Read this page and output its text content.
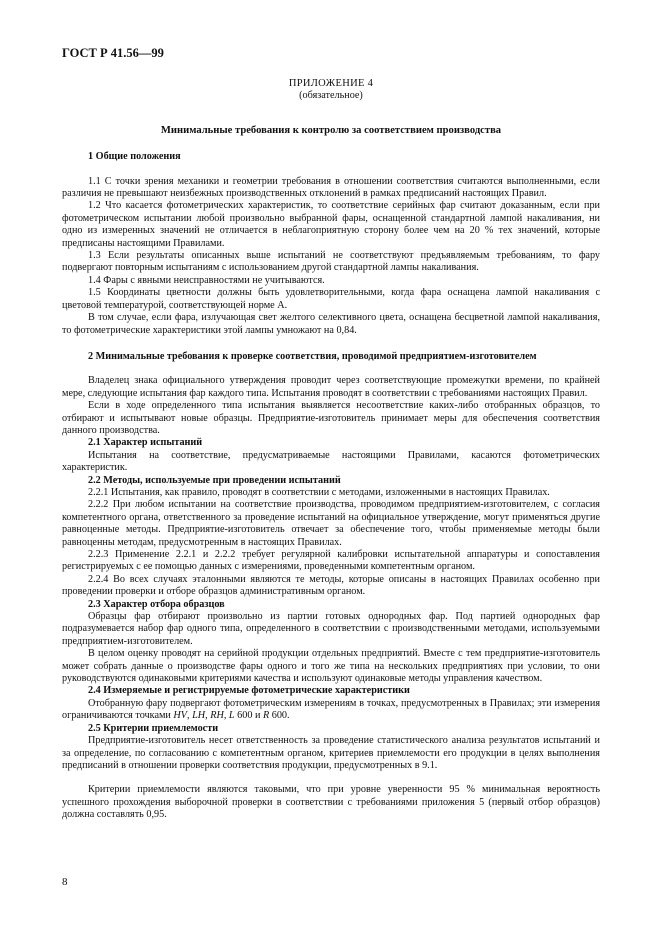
ГОСТ Р 41.56—99

ПРИЛОЖЕНИЕ 4

(обязательное)

Минимальные требования к контролю за соответствием производства

1 Общие положения

1.1 С точки зрения механики и геометрии требования в отношении соответствия считаются выполненными, если различия не превышают неизбежных производственных отклонений в рамках предписаний настоящих Правил.

1.2 Что касается фотометрических характеристик, то соответствие серийных фар считают доказанным, если при фотометрическом испытании любой произвольно выбранной фары, оснащенной стандартной лампой накаливания, ни одно из измеренных значений не отличается в неблагоприятную сторону более чем на 20 % тех значений, которые предписаны настоящими Правилами.

1.3 Если результаты описанных выше испытаний не соответствуют предъявляемым требованиям, то фару подвергают повторным испытаниям с использованием другой стандартной лампы накаливания.

1.4 Фары с явными неисправностями не учитываются.

1.5 Координаты цветности должны быть удовлетворительными, когда фара оснащена лампой накаливания с цветовой температурой, соответствующей норме А.

В том случае, если фара, излучающая свет желтого селективного цвета, оснащена бесцветной лампой накаливания, то фотометрические характеристики этой лампы умножают на 0,84.

2 Минимальные требования к проверке соответствия, проводимой предприятием-изготовителем

Владелец знака официального утверждения проводит через соответствующие промежутки времени, по крайней мере, следующие испытания фар каждого типа. Испытания проводят в соответствии с требованиями настоящих Правил.

Если в ходе определенного типа испытания выявляется несоответствие каких-либо отобранных образцов, то отбирают и испытывают новые образцы. Предприятие-изготовитель принимает меры для обеспечения соответствия данного производства.

2.1 Характер испытаний

Испытания на соответствие, предусматриваемые настоящими Правилами, касаются фотометрических характеристик.

2.2 Методы, используемые при проведении испытаний

2.2.1 Испытания, как правило, проводят в соответствии с методами, изложенными в настоящих Правилах.

2.2.2 При любом испытании на соответствие производства, проводимом предприятием-изготовителем, с согласия компетентного органа, ответственного за проведение испытаний на официальное утверждение, могут применяться другие равноценные методы. Предприятие-изготовитель отвечает за обеспечение того, чтобы применяемые методы были равноценны методам, предусмотренным в настоящих Правилах.

2.2.3 Применение 2.2.1 и 2.2.2 требует регулярной калибровки испытательной аппаратуры и сопоставления регистрируемых с ее помощью данных с измерениями, проведенными компетентным органом.

2.2.4 Во всех случаях эталонными являются те методы, которые описаны в настоящих Правилах особенно при проведении проверки и отборе образцов административным органом.

2.3 Характер отбора образцов

Образцы фар отбирают произвольно из партии готовых однородных фар. Под партией однородных фар подразумевается набор фар одного типа, определенного в соответствии с производственными методами, используемыми предприятием-изготовителем.

В целом оценку проводят на серийной продукции отдельных предприятий. Вместе с тем предприятие-изготовитель может собрать данные о производстве фары одного и того же типа на нескольких предприятиях при условии, то они руководствуются одинаковыми критериями качества и используют одинаковые методы управления качеством.

2.4 Измеряемые и регистрируемые фотометрические характеристики

Отобранную фару подвергают фотометрическим измерениям в точках, предусмотренных в Правилах; эти измерения ограничиваются точками HV, LH, RH, L 600 и R 600.

2.5 Критерии приемлемости

Предприятие-изготовитель несет ответственность за проведение статистического анализа результатов испытаний и за определение, по согласованию с компетентным органом, критериев приемлемости его продукции в целях выполнения предписаний в отношении проверки соответствия продукции, предусмотренных в 9.1.

Критерии приемлемости являются таковыми, что при уровне уверенности 95 % минимальная вероятность успешного прохождения выборочной проверки в соответствии с требованиями приложения 5 (первый отбор образцов) должна составлять 0,95.

8
